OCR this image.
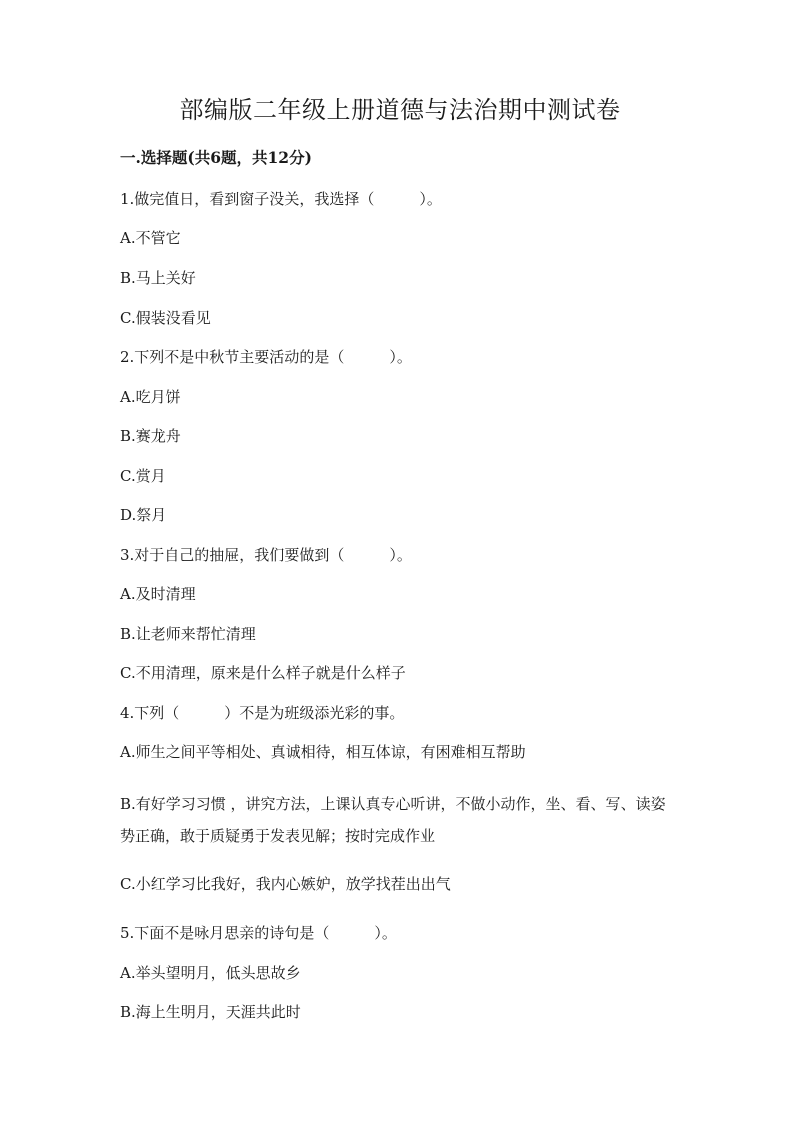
部编版二年级上册道德与法治期中测试卷
一.选择题(共6题，共12分)
1.做完值日，看到窗子没关，我选择（　　　）。
A.不管它
B.马上关好
C.假装没看见
2.下列不是中秋节主要活动的是（　　　）。
A.吃月饼
B.赛龙舟
C.赏月
D.祭月
3.对于自己的抽屉，我们要做到（　　　）。
A.及时清理
B.让老师来帮忙清理
C.不用清理，原来是什么样子就是什么样子
4.下列（　　　）不是为班级添光彩的事。
A.师生之间平等相处、真诚相待，相互体谅，有困难相互帮助
B.有好学习习惯 ，讲究方法，上课认真专心听讲，不做小动作，坐、看、写、读姿势正确，敢于质疑勇于发表见解；按时完成作业
C.小红学习比我好，我内心嫉妒，放学找茬出出气
5.下面不是咏月思亲的诗句是（　　　）。
A.举头望明月，低头思故乡
B.海上生明月，天涯共此时
